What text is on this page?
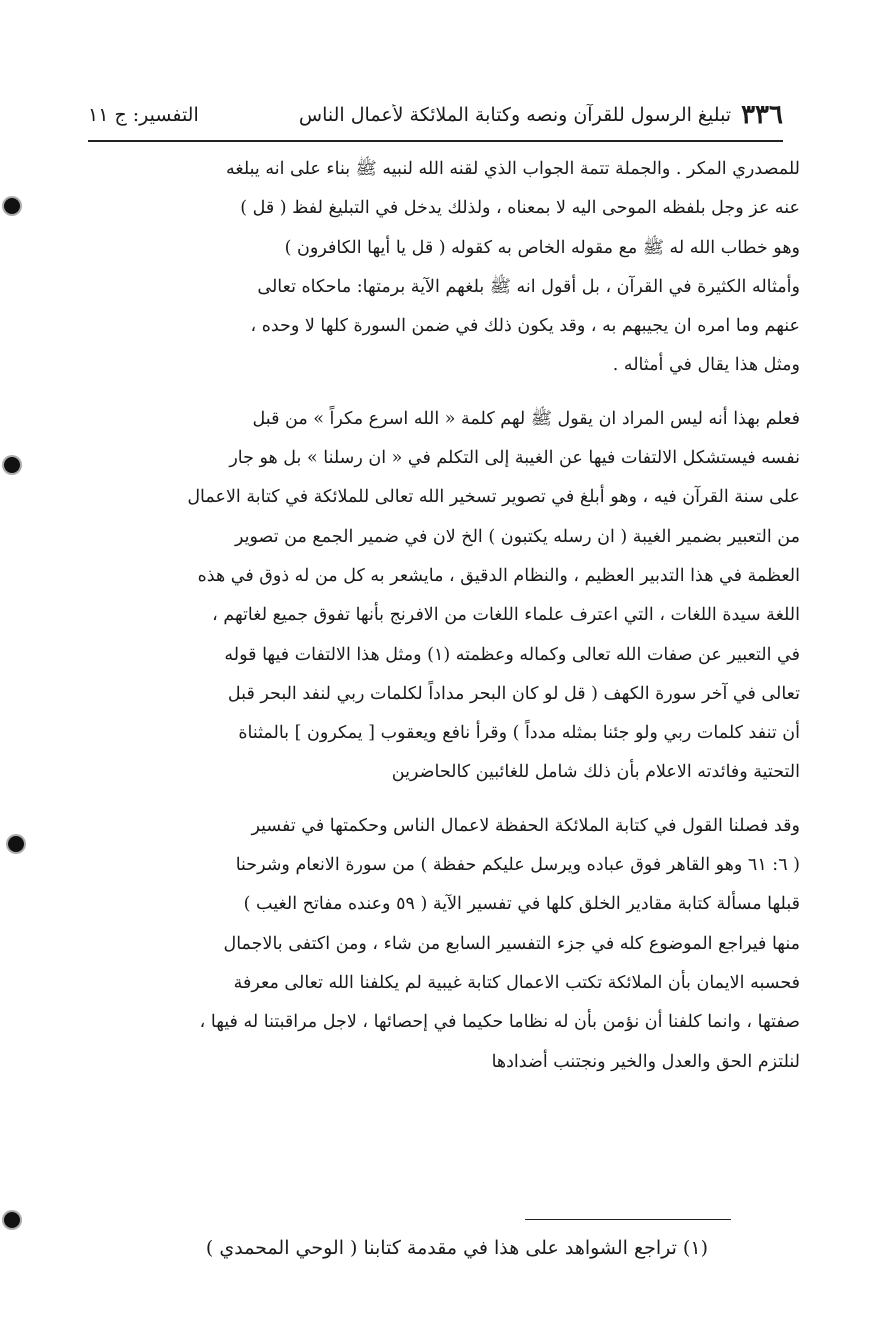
٣٣٦
تبليغ الرسول للقرآن ونصه وكتابة الملائكة لأعمال الناس
التفسير: ج ١١
للمصدري المكر . والجملة تتمة الجواب الذي لقنه الله لنبيه ﷺ بناء على انه يبلغه
عنه عز وجل بلفظه الموحى اليه لا بمعناه ، ولذلك يدخل في التبليغ لفظ ( قل )
وهو خطاب الله له ﷺ مع مقوله الخاص به كقوله ( قل يا أيها الكافرون )
وأمثاله الكثيرة في القرآن ، بل أقول انه ﷺ بلغهم الآية برمتها: ماحكاه تعالى
عنهم وما امره ان يجيبهم به ، وقد يكون ذلك في ضمن السورة كلها لا وحده ،
ومثل هذا يقال في أمثاله .
فعلم بهذا أنه ليس المراد ان يقول ﷺ لهم كلمة « الله اسرع مكراً » من قبل
نفسه فيستشكل الالتفات فيها عن الغيبة إلى التكلم في « ان رسلنا » بل هو جار
على سنة القرآن فيه ، وهو أبلغ في تصوير تسخير الله تعالى للملائكة في كتابة الاعمال
من التعبير بضمير الغيبة ( ان رسله يكتبون ) الخ لان في ضمير الجمع من تصوير
العظمة في هذا التدبير العظيم ، والنظام الدقيق ، مايشعر به كل من له ذوق في هذه
اللغة سيدة اللغات ، التي اعترف علماء اللغات من الافرنج بأنها تفوق جميع لغاتهم ،
في التعبير عن صفات الله تعالى وكماله وعظمته (١) ومثل هذا الالتفات فيها قوله
تعالى في آخر سورة الكهف ( قل لو كان البحر مداداً لكلمات ربي لنفد البحر قبل
أن تنفد كلمات ربي ولو جئنا بمثله مدداً ) وقرأ نافع ويعقوب [ يمكرون ] بالمثناة
التحتية وفائدته الاعلام بأن ذلك شامل للغائبين كالحاضرين
وقد فصلنا القول في كتابة الملائكة الحفظة لاعمال الناس وحكمتها في تفسير
( ٦: ٦١ وهو القاهر فوق عباده ويرسل عليكم حفظة ) من سورة الانعام وشرحنا
قبلها مسألة كتابة مقادير الخلق كلها في تفسير الآية ( ٥٩ وعنده مفاتح الغيب )
منها فيراجع الموضوع كله في جزء التفسير السابع من شاء ، ومن اكتفى بالاجمال
فحسبه الايمان بأن الملائكة تكتب الاعمال كتابة غيبية لم يكلفنا الله تعالى معرفة
صفتها ، وانما كلفنا أن نؤمن بأن له نظاما حكيما في إحصائها ، لاجل مراقبتنا له فيها ،
لنلتزم الحق والعدل والخير ونجتنب أضدادها
(١) تراجع الشواهد على هذا في مقدمة كتابنا ( الوحي المحمدي )
